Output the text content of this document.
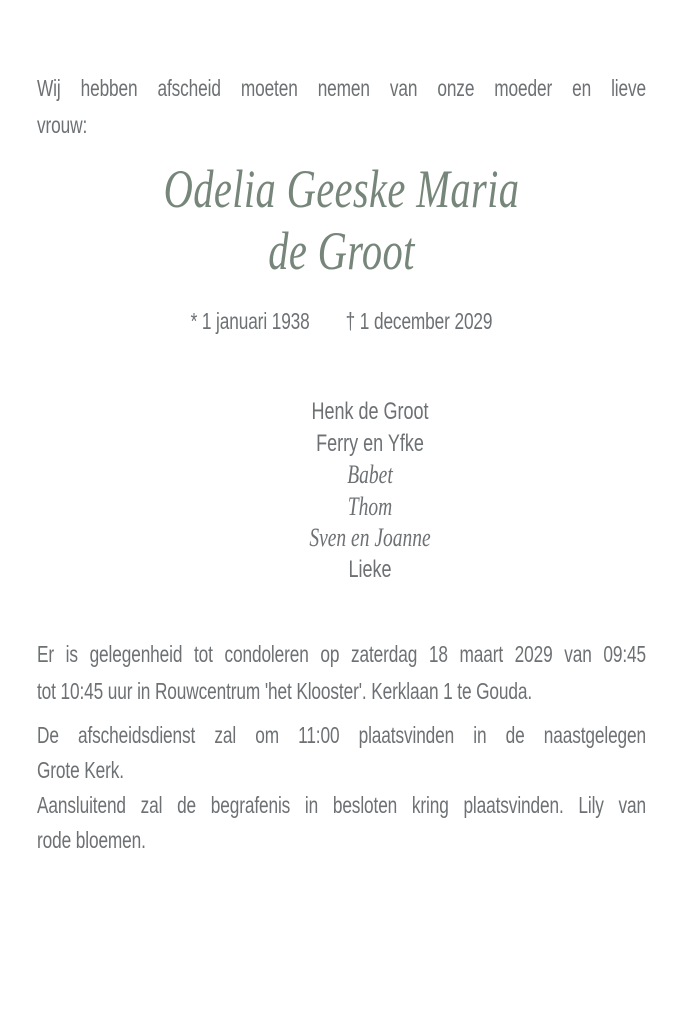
Wij hebben afscheid moeten nemen van onze moeder en lieve
vrouw:

Odelia Geeske Maria
de Groot
* 1 januari 1938 † 1 december 2029
Henk de Groot
Ferry en Yfke
Babet
Thom
Sven en Joanne
Lieke

Er is gelegenheid tot condoleren op zaterdag 18 maart 2029 van 09:45
tot 10:45 uur in Rouwcentrum 'het Klooster'. Kerklaan 1 te Gouda.

De afscheidsdienst zal om 11:00 plaatsvinden in de naastgelegen
Grote Kerk.
Aansluitend zal de begrafenis in besloten kring plaatsvinden. Lily van
rode bloemen.
